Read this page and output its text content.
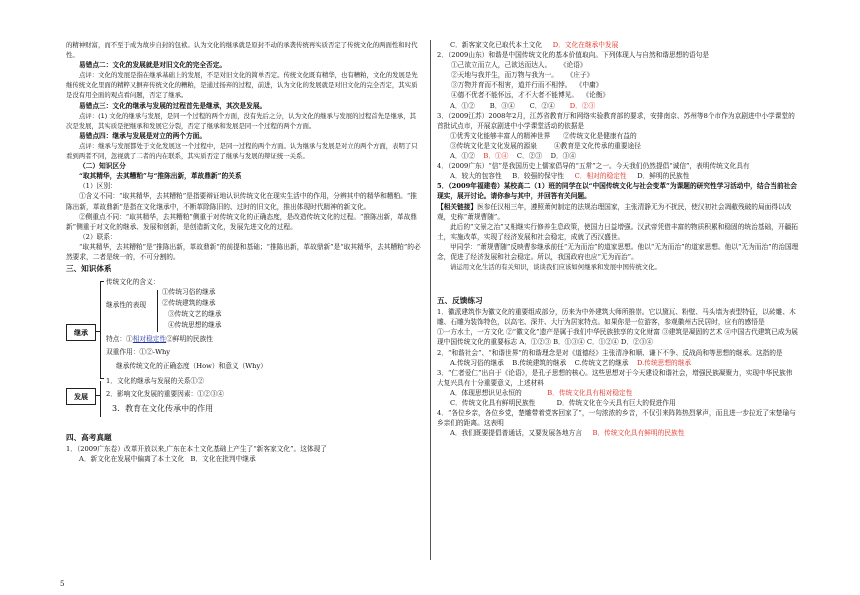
的精神财富，而不至于成为故步自封的包袱。认为文化的继承就是原封不动的承袭传统再实质否定了传统文化的两面性和时代性。

易错点二：文化的发展就是对旧文化的完全否定。

点评：文化的发展是指在继承基础上的发展，不是对旧文化的简单否定。传统文化既有精华，也有糟粕，文化的发展是先继传统文化里面的精粹又摒弃传统文化的糟粕，是通过扬弃的过程，前进，认为文化的发展就是对旧文化的完全否定，其实质是没有用全面的观点看问题，否定了继承。

易错点三：文化的继承与发展的过程首先是继承，其次是发展。

点评：(1) 文化的继承与发展，是同一个过程的两个方面，没有先后之分，认为文化的继承与发展的过程首先是继承，其次是发展，其实质是把继承和发展它分裂，否定了继承和发展是同一个过程的两个方面。

易错点四：继承与发展是对立的两个方面。

点评：继承与发展都处于文化发展这一个过程中，是同一过程的两个方面。认为继承与发展是对立的两个方面，表明了只看到两者不同，忽视就了二者的内在联系，其实质否定了继承与发展的辩证统一关系。

（二）知识区分

“取其精华，去其糟粕”与“推陈出新，革故鼎新”的关系

（1）区别：

①含义不同：“取其精华，去其糟粕”是指要辩证地认识传统文化在现实生活中的作用，分辨其中的精华和糟粕。“推陈出新，革故鼎新”是指在文化继承中，不断革除陈旧的、过时的旧文化，推出体现时代精神的新文化。

②侧重点不同：“取其精华，去其糟粕”侧重于对传统文化的正确态度，是改造传统文化的过程。“推陈出新，革故鼎新”侧重于对文化的继承、发展和创新，是创造新文化，发展先进文化的过程。

（2）联系：

“取其精华，去其糟粕”是“推陈出新，革故鼎新”的前提和基础；“推陈出新，革故鼎新”是“取其精华，去其糟粕”的必然要求，二者是统一的，不可分割的。

三、知识体系

继承
发展
传统文化的含义：
继承性的表现
①传统习俗的继承
②传统建筑的继承
③传统文艺的继承
④传统思想的继承
特点：①相对稳定性②鲜明的民族性
双重作用：①②-Why
继承传统文化的正确态度（How）和意义（Why）
1．文化的继承与发展的关系①②
2．影响文化发展的重要因素：①②③④
3．教育在文化传承中的作用

四、高考真题

1．（2009广东卷）改革开放以来,广东在本土文化基础上产生了“新客家文化”。这体现了

A．新文化在发展中偏离了本土文化 B．文化在批判中继承

5

C．新客家文化已取代本土文化 D．文化在继承中发展

2．（2009山东）和谐是中国传统文化的基本价值取向。下列体现人与自然和谐思想的语句是

①己欲立而立人，己欲达而达人。 《论语》

②天地与我并生，而万物与我为一。 《庄子》

③万物并育而不相害，道并行而不相悖。 《中庸》

④德不优者不能怀远，才不大者不能博见。 《论衡》

A．①② B．③④ C．②④ D．②③

3．（2009江苏）2008年2月，江苏省教育厅和网络实验教育部的要求，安排南京、苏州等8个市作为京剧进中小学课堂的首批试点市，开展京剧进中小学课堂活动的依据是

①优秀文化能够丰富人的精神世界 ②传统文化是健康有益的

③传统文化是文化发展的源泉	④教育是文化传承的重要途径

A．①② B．①④ C．②③ D．③④

4．（2009广东）“信”是我国历史上儒家倡导的“五常”之一。今天我们仍然提倡“诚信”，表明传统文化具有

A．较大的包容性 B．较强的保守性 C．相对的稳定性 D．鲜明的民族性

5．（2009年福建卷）某校高二（1）班的同学在以“中国传统文化与社会变革”为课题的研究性学习活动中，结合当前社会现实，展开讨论。请你参与其中，并回答有关问题。

【相关链接】医参任汉相三年，遵照萧何制定的法规治理国家，主张清静无为不扰民，使汉初社会凋敝残破的局面得以改观，史称“萧规曹随”。

此后的“文景之治”又相继实行修养生息政策，使国力日益增强。汉武帝凭借丰富的物质积累和稳固的统治基础，开疆拓土，实施改革，实现了经济发展和社会稳定，成就了西汉盛世。

甲同学：“萧规曹随”反映曹参继承前任“无为而治”的道家思想。他以“无为而治”的道家思想。他以“无为而治”的治国理念，促进了经济发展和社会稳定。所以，我国政府也应“无为而治”。

请运用文化生活的有关知识，谈谈我们应该如何继承和发展中国传统文化。

五、反馈练习

1．徽派建筑作为徽文化的重要组成部分，历来为中外建筑大师所推崇。它以黛瓦、粉壁、马头墙为表型特征，以砖雕、木雕、石雕为装饰特色，以高宅、深井、大厅为居家特点。如果你是一位游客，参观徽州古民居时，应有的感悟是

①一方水土，一方文化 ②“徽文化”遗产是属于我们中华民族独享的文化财富 ③建筑是凝固的艺术 ④中国古代建筑已成为展现中国传统文化的重要标志 A．①②③ B．①③④ C．①②④ D．②③④

2．“和谐社会”、“和谐世界”的和谐理念是对《道德经》主张清净和顺、谦下不争、反战尚和等思想的继承。这指的是

A.传统习俗的继承 B.传统建筑的继承 C.传统文艺的继承 D.传统思想的继承

3．“仁者爱仁”出自于《论语》，是孔子思想的核心。这些思想对于今天建设和谐社会，增强民族凝聚力，实现中华民族伟大复兴具有十分重要意义，上述材料

A．体现思想识见永恒的	B．传统文化具有相对稳定性

C．传统文化具有鲜明民族性	D．传统文化在今天具有巨大的促进作用

4．“各位乡亲，各位乡党，楚雕带着党客回家了”，一句浓浓的乡音，不仅引来阵阵热烈掌声，而且进一步拉近了宋楚瑜与乡亲们的距离。这表明

A．我们既要提倡普通话，又要发展各地方言 B．传统文化具有鲜明的民族性
